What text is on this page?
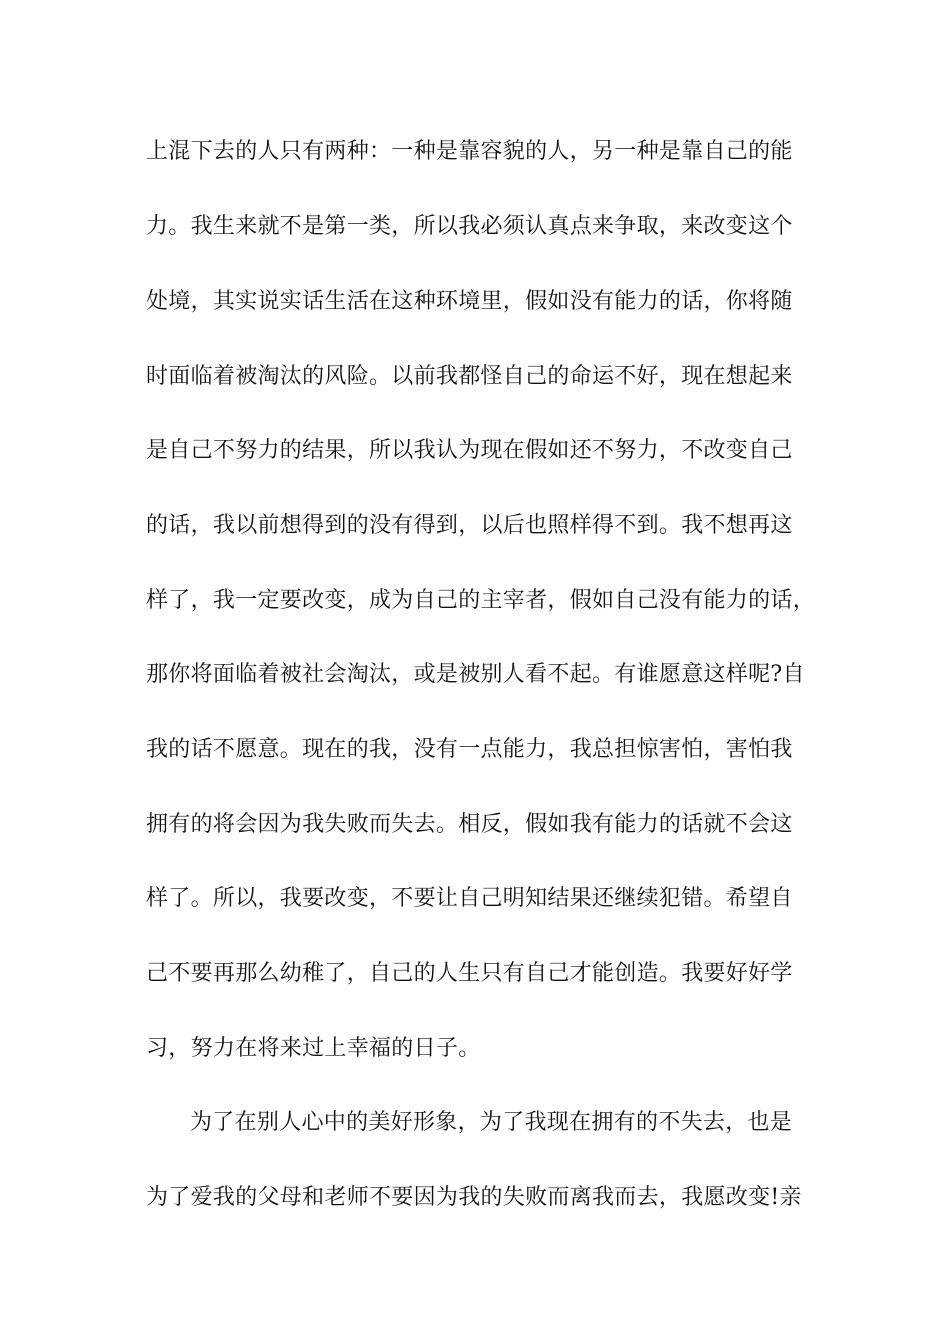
上混下去的人只有两种：一种是靠容貌的人，另一种是靠自己的能
力。我生来就不是第一类，所以我必须认真点来争取，来改变这个
处境，其实说实话生活在这种环境里，假如没有能力的话，你将随
时面临着被淘汰的风险。以前我都怪自己的命运不好，现在想起来
是自己不努力的结果，所以我认为现在假如还不努力，不改变自己
的话，我以前想得到的没有得到，以后也照样得不到。我不想再这
样了，我一定要改变，成为自己的主宰者，假如自己没有能力的话，
那你将面临着被社会淘汰，或是被别人看不起。有谁愿意这样呢?自
我的话不愿意。现在的我，没有一点能力，我总担惊害怕，害怕我
拥有的将会因为我失败而失去。相反，假如我有能力的话就不会这
样了。所以，我要改变，不要让自己明知结果还继续犯错。希望自
己不要再那么幼稚了，自己的人生只有自己才能创造。我要好好学
习，努力在将来过上幸福的日子。
为了在别人心中的美好形象，为了我现在拥有的不失去，也是
为了爱我的父母和老师不要因为我的失败而离我而去，我愿改变!亲
